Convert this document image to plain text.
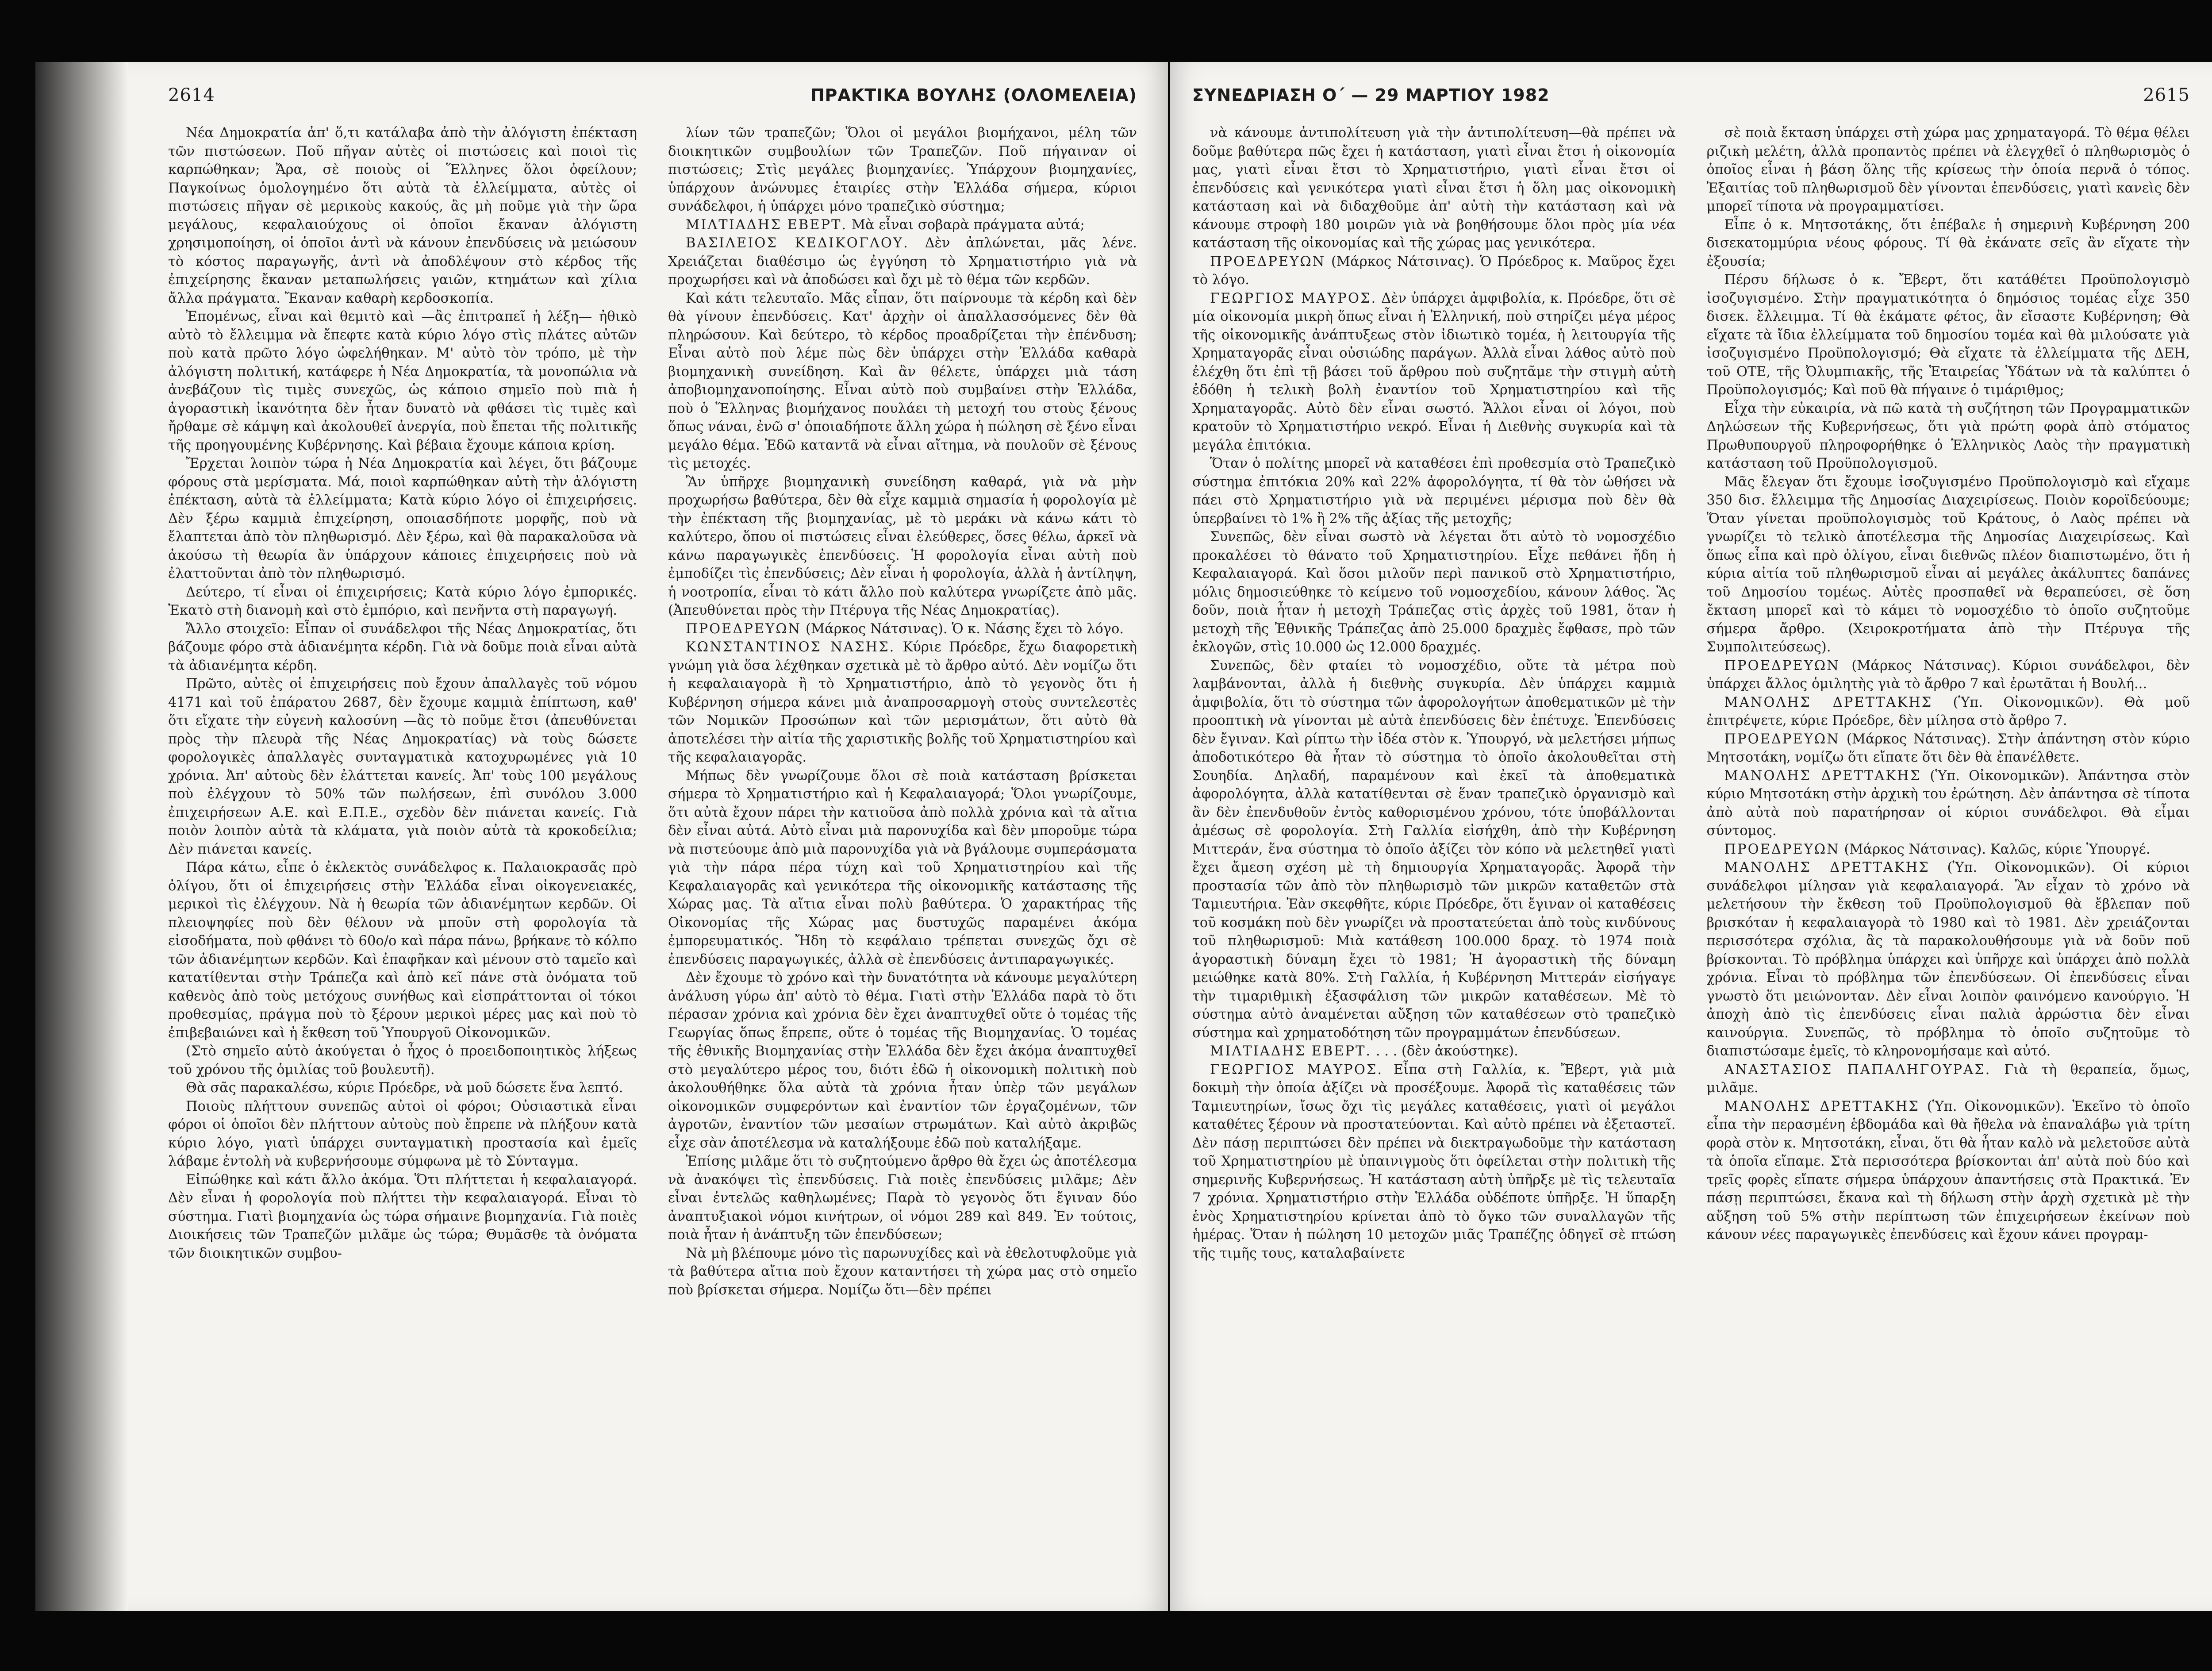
2614	ΠΡΑΚΤΙΚΑ ΒΟΥΛΗΣ (ΟΛΟΜΕΛΕΙΑ)

Νέα Δημοκρατία ἀπ' ὅ,τι κατάλαβα ἀπὸ τὴν ἀλόγιστη ἐπέκταση τῶν πιστώσεων. Ποῦ πῆγαν αὐτὲς οἱ πιστώσεις καὶ ποιοὶ τὶς καρπώθηκαν; Ἄρα, σὲ ποιοὺς οἱ Ἕλληνες ὅλοι ὀφείλουν; Παγκοίνως ὁμολογημένο ὅτι αὐτὰ τὰ ἐλλείμματα, αὐτὲς οἱ πιστώσεις πῆγαν σὲ μερικοὺς κακούς, ἂς μὴ ποῦμε γιὰ τὴν ὥρα μεγάλους, κεφαλαιούχους οἱ ὁποῖοι ἔκαναν ἀλόγιστη χρησιμοποίηση, οἱ ὁποῖοι ἀντὶ νὰ κάνουν ἐπενδύσεις νὰ μειώσουν τὸ κόστος παραγωγῆς, ἀντὶ νὰ ἀποδλέψουν στὸ κέρδος τῆς ἐπιχείρησης ἔκαναν μεταπωλήσεις γαιῶν, κτημάτων καὶ χίλια ἄλλα πράγματα. Ἔκαναν καθαρὴ κερδοσκοπία.

Ἐπομένως, εἶναι καὶ θεμιτὸ καὶ —ἂς ἐπιτραπεῖ ἡ λέξη— ἠθικὸ αὐτὸ τὸ ἔλλειμμα νὰ ἔπεφτε κατὰ κύριο λόγο στὶς πλάτες αὐτῶν ποὺ κατὰ πρῶτο λόγο ὠφελήθηκαν. Μ' αὐτὸ τὸν τρόπο, μὲ τὴν ἀλόγιστη πολιτική, κατάφερε ἡ Νέα Δημοκρατία, τὰ μονοπώλια νὰ ἀνεβάζουν τὶς τιμὲς συνεχῶς, ὡς κάποιο σημεῖο ποὺ πιὰ ἡ ἀγοραστικὴ ἱκανότητα δὲν ἦταν δυνατὸ νὰ φθάσει τὶς τιμὲς καὶ ἤρθαμε σὲ κάμψη καὶ ἀκολουθεῖ ἀνεργία, ποὺ ἔπεται τῆς πολιτικῆς τῆς προηγουμένης Κυβέρνησης. Καὶ βέβαια ἔχουμε κάποια κρίση.

Ἔρχεται λοιπὸν τώρα ἡ Νέα Δημοκρατία καὶ λέγει, ὅτι βάζουμε φόρους στὰ μερίσματα. Μά, ποιοὶ καρπώθηκαν αὐτὴ τὴν ἀλόγιστη ἐπέκταση, αὐτὰ τὰ ἐλλείμματα; Κατὰ κύριο λόγο οἱ ἐπιχειρήσεις. Δὲν ξέρω καμμιὰ ἐπιχείρηση, οποιασδήποτε μορφῆς, ποὺ νὰ ἔλαπτεται ἀπὸ τὸν πληθωρισμό. Δὲν ξέρω, καὶ θὰ παρακαλοῦσα νὰ ἀκούσω τὴ θεωρία ἂν ὑπάρχουν κάποιες ἐπιχειρήσεις ποὺ νὰ ἐλαττοῦνται ἀπὸ τὸν πληθωρισμό.

Δεύτερο, τί εἶναι οἱ ἐπιχειρήσεις; Κατὰ κύριο λόγο ἐμπορικές. Ἐκατὸ στὴ διανομὴ καὶ στὸ ἐμπόριο, καὶ πενῆντα στὴ παραγωγή.

Ἄλλο στοιχεῖο: Εἶπαν οἱ συνάδελφοι τῆς Νέας Δημοκρατίας, ὅτι βάζουμε φόρο στὰ ἀδιανέμητα κέρδη. Γιὰ νὰ δοῦμε ποιὰ εἶναι αὐτὰ τὰ ἀδιανέμητα κέρδη.

Πρῶτο, αὐτὲς οἱ ἐπιχειρήσεις ποὺ ἔχουν ἀπαλλαγὲς τοῦ νόμου 4171 καὶ τοῦ ἐπάρατου 2687, δὲν ἔχουμε καμμιὰ ἐπίπτωση, καθ' ὅτι εἴχατε τὴν εὐγενὴ καλοσύνη —ἂς τὸ ποῦμε ἔτσι (ἀπευθύνεται πρὸς τὴν πλευρὰ τῆς Νέας Δημοκρατίας) νὰ τοὺς δώσετε φορολογικὲς ἀπαλλαγὲς συνταγματικὰ κατοχυρωμένες γιὰ 10 χρόνια. Ἀπ' αὐτοὺς δὲν ἐλάττεται κανείς. Ἀπ' τοὺς 100 μεγάλους ποὺ ἐλέγχουν τὸ 50% τῶν πωλήσεων, ἐπὶ συνόλου 3.000 ἐπιχειρήσεων Α.Ε. καὶ Ε.Π.Ε., σχεδὸν δὲν πιάνεται κανείς. Γιὰ ποιὸν λοιπὸν αὐτὰ τὰ κλάματα, γιὰ ποιὸν αὐτὰ τὰ κροκοδείλια; Δὲν πιάνεται κανείς.

Πάρα κάτω, εἶπε ὁ ἐκλεκτὸς συνάδελφος κ. Παλαιοκρασᾶς πρὸ ὀλίγου, ὅτι οἱ ἐπιχειρήσεις στὴν Ἑλλάδα εἶναι οἰκογενειακές, μερικοὶ τὶς ἐλέγχουν. Νὰ ἡ θεωρία τῶν ἀδιανέμητων κερδῶν. Οἱ πλειοψηφίες ποὺ δὲν θέλουν νὰ μποῦν στὴ φορολογία τὰ εἰσοδήματα, ποὺ φθάνει τὸ 60ο/ο καὶ πάρα πάνω, βρήκανε τὸ κόλπο τῶν ἀδιανέμητων κερδῶν. Καὶ ἐπαφῆκαν καὶ μένουν στὸ ταμεῖο καὶ κατατίθενται στὴν Τράπεζα καὶ ἀπὸ κεῖ πάνε στὰ ὀνόματα τοῦ καθενὸς ἀπὸ τοὺς μετόχους συνήθως καὶ εἰσπράττονται οἱ τόκοι προθεσμίας, πράγμα ποὺ τὸ ξέρουν μερικοὶ μέρες μας καὶ ποὺ τὸ ἐπιβεβαιώνει καὶ ἡ ἔκθεση τοῦ Ὑπουργοῦ Οἰκονομικῶν.

(Στὸ σημεῖο αὐτὸ ἀκούγεται ὁ ἦχος ὁ προειδοποιητικὸς λήξεως τοῦ χρόνου τῆς ὁμιλίας τοῦ βουλευτῆ).

Θὰ σᾶς παρακαλέσω, κύριε Πρόεδρε, νὰ μοῦ δώσετε ἕνα λεπτό.

Ποιοὺς πλήττουν συνεπῶς αὐτοὶ οἱ φόροι; Οὐσιαστικὰ εἶναι φόροι οἱ ὁποῖοι δὲν πλήττουν αὐτοὺς ποὺ ἔπρεπε νὰ πλήξουν κατὰ κύριο λόγο, γιατὶ ὑπάρχει συνταγματικὴ προστασία καὶ ἐμεῖς λάβαμε ἐντολὴ νὰ κυβερνήσουμε σύμφωνα μὲ τὸ Σύνταγμα.

Εἰπώθηκε καὶ κάτι ἄλλο ἀκόμα. Ὅτι πλήττεται ἡ κεφαλαιαγορά. Δὲν εἶναι ἡ φορολογία ποὺ πλήττει τὴν κεφαλαιαγορά. Εἶναι τὸ σύστημα. Γιατὶ βιομηχανία ὡς τώρα σήμαινε βιομηχανία. Γιὰ ποιὲς Διοικήσεις τῶν Τραπεζῶν μιλᾶμε ὡς τώρα; Θυμᾶσθε τὰ ὀνόματα τῶν διοικητικῶν συμβου-

λίων τῶν τραπεζῶν; Ὅλοι οἱ μεγάλοι βιομήχανοι, μέλη τῶν διοικητικῶν συμβουλίων τῶν Τραπεζῶν. Ποῦ πήγαιναν οἱ πιστώσεις; Στὶς μεγάλες βιομηχανίες. Ὑπάρχουν βιομηχανίες, ὑπάρχουν ἀνώνυμες ἑταιρίες στὴν Ἑλλάδα σήμερα, κύριοι συνάδελφοι, ἡ ὑπάρχει μόνο τραπεζικὸ σύστημα;

ΜΙΛΤΙΑΔΗΣ ΕΒΕΡΤ. Μὰ εἶναι σοβαρὰ πράγματα αὐτά;

ΒΑΣΙΛΕΙΟΣ ΚΕΔΙΚΟΓΛΟΥ. Δὲν ἀπλώνεται, μᾶς λένε. Χρειάζεται διαθέσιμο ὡς ἐγγύηση τὸ Χρηματιστήριο γιὰ νὰ προχωρήσει καὶ νὰ ἀποδώσει καὶ ὄχι μὲ τὸ θέμα τῶν κερδῶν.

Καὶ κάτι τελευταῖο. Μᾶς εἶπαν, ὅτι παίρνουμε τὰ κέρδη καὶ δὲν θὰ γίνουν ἐπενδύσεις. Κατ' ἀρχὴν οἱ ἀπαλλασσόμενες δὲν θὰ πληρώσουν. Καὶ δεύτερο, τὸ κέρδος προαδρίζεται τὴν ἐπένδυση; Εἶναι αὐτὸ ποὺ λέμε πὼς δὲν ὑπάρχει στὴν Ἑλλάδα καθαρὰ βιομηχανικὴ συνείδηση. Καὶ ἂν θέλετε, ὑπάρχει μιὰ τάση ἀποβιομηχανοποίησης. Εἶναι αὐτὸ ποὺ συμβαίνει στὴν Ἑλλάδα, ποὺ ὁ Ἕλληνας βιομήχανος πουλάει τὴ μετοχή του στοὺς ξένους ὅπως νάναι, ἐνῶ σ' ὁποιαδήποτε ἄλλη χώρα ἡ πώληση σὲ ξένο εἶναι μεγάλο θέμα. Ἐδῶ καταντᾶ νὰ εἶναι αἴτημα, νὰ πουλοῦν σὲ ξένους τὶς μετοχές.

Ἂν ὑπῆρχε βιομηχανικὴ συνείδηση καθαρά, γιὰ νὰ μὴν προχωρήσω βαθύτερα, δὲν θὰ εἶχε καμμιὰ σημασία ἡ φορολογία μὲ τὴν ἐπέκταση τῆς βιομηχανίας, μὲ τὸ μεράκι νὰ κάνω κάτι τὸ καλύτερο, ὅπου οἱ πιστώσεις εἶναι ἐλεύθερες, ὅσες θέλω, ἀρκεῖ νὰ κάνω παραγωγικὲς ἐπενδύσεις. Ἡ φορολογία εἶναι αὐτὴ ποὺ ἐμποδίζει τὶς ἐπενδύσεις; Δὲν εἶναι ἡ φορολογία, ἀλλὰ ἡ ἀντίληψη, ἡ νοοτροπία, εἶναι τὸ κάτι ἄλλο ποὺ καλύτερα γνωρίζετε ἀπὸ μᾶς. (Ἀπευθύνεται πρὸς τὴν Πτέρυγα τῆς Νέας Δημοκρατίας).

ΠΡΟΕΔΡΕΥΩΝ (Μάρκος Νάτσινας). Ὁ κ. Νάσης ἔχει τὸ λόγο.

ΚΩΝΣΤΑΝΤΙΝΟΣ ΝΑΣΗΣ. Κύριε Πρόεδρε, ἔχω διαφορετικὴ γνώμη γιὰ ὅσα λέχθηκαν σχετικὰ μὲ τὸ ἄρθρο αὐτό. Δὲν νομίζω ὅτι ἡ κεφαλαιαγορὰ ἢ τὸ Χρηματιστήριο, ἀπὸ τὸ γεγονὸς ὅτι ἡ Κυβέρνηση σήμερα κάνει μιὰ ἀναπροσαρμογὴ στοὺς συντελεστὲς τῶν Νομικῶν Προσώπων καὶ τῶν μερισμάτων, ὅτι αὐτὸ θὰ ἀποτελέσει τὴν αἰτία τῆς χαριστικῆς βολῆς τοῦ Χρηματιστηρίου καὶ τῆς κεφαλαιαγορᾶς.

Μήπως δὲν γνωρίζουμε ὅλοι σὲ ποιὰ κατάσταση βρίσκεται σήμερα τὸ Χρηματιστήριο καὶ ἡ Κεφαλαιαγορά; Ὅλοι γνωρίζουμε, ὅτι αὐτὰ ἔχουν πάρει τὴν κατιοῦσα ἀπὸ πολλὰ χρόνια καὶ τὰ αἴτια δὲν εἶναι αὐτά. Αὐτὸ εἶναι μιὰ παρονυχίδα καὶ δὲν μποροῦμε τώρα νὰ πιστεύουμε ἀπὸ μιὰ παρονυχίδα γιὰ νὰ βγάλουμε συμπεράσματα γιὰ τὴν πάρα πέρα τύχη καὶ τοῦ Χρηματιστηρίου καὶ τῆς Κεφαλαιαγορᾶς καὶ γενικότερα τῆς οἰκονομικῆς κατάστασης τῆς Χώρας μας. Τὰ αἴτια εἶναι πολὺ βαθύτερα. Ὁ χαρακτήρας τῆς Οἰκονομίας τῆς Χώρας μας δυστυχῶς παραμένει ἀκόμα ἐμπορευματικός. Ἤδη τὸ κεφάλαιο τρέπεται συνεχῶς ὄχι σὲ ἐπενδύσεις παραγωγικές, ἀλλὰ σὲ ἐπενδύσεις ἀντιπαραγωγικές.

Δὲν ἔχουμε τὸ χρόνο καὶ τὴν δυνατότητα νὰ κάνουμε μεγαλύτερη ἀνάλυση γύρω ἀπ' αὐτὸ τὸ θέμα. Γιατὶ στὴν Ἑλλάδα παρὰ τὸ ὅτι πέρασαν χρόνια καὶ χρόνια δὲν ἔχει ἀναπτυχθεῖ οὔτε ὁ τομέας τῆς Γεωργίας ὅπως ἔπρεπε, οὔτε ὁ τομέας τῆς Βιομηχανίας. Ὁ τομέας τῆς ἐθνικῆς Βιομηχανίας στὴν Ἑλλάδα δὲν ἔχει ἀκόμα ἀναπτυχθεῖ στὸ μεγαλύτερο μέρος του, διότι ἐδῶ ἡ οἰκονομικὴ πολιτικὴ ποὺ ἀκολουθήθηκε ὅλα αὐτὰ τὰ χρόνια ἦταν ὑπὲρ τῶν μεγάλων οἰκονομικῶν συμφερόντων καὶ ἐναντίον τῶν ἐργαζομένων, τῶν ἀγροτῶν, ἐναντίον τῶν μεσαίων στρωμάτων. Καὶ αὐτὸ ἀκριβῶς εἶχε σὰν ἀποτέλεσμα νὰ καταλήξουμε ἐδῶ ποὺ καταλήξαμε.

Ἐπίσης μιλᾶμε ὅτι τὸ συζητούμενο ἄρθρο θὰ ἔχει ὡς ἀποτέλεσμα νὰ ἀνακόψει τὶς ἐπενδύσεις. Γιὰ ποιὲς ἐπενδύσεις μιλᾶμε; Δὲν εἶναι ἐντελῶς καθηλωμένες; Παρὰ τὸ γεγονὸς ὅτι ἔγιναν δύο ἀναπτυξιακοὶ νόμοι κινήτρων, οἱ νόμοι 289 καὶ 849. Ἐν τούτοις, ποιὰ ἦταν ἡ ἀνάπτυξη τῶν ἐπενδύσεων;

Νὰ μὴ βλέπουμε μόνο τὶς παρωνυχίδες καὶ νὰ ἐθελοτυφλοῦμε γιὰ τὰ βαθύτερα αἴτια ποὺ ἔχουν καταντήσει τὴ χώρα μας στὸ σημεῖο ποὺ βρίσκεται σήμερα. Νομίζω ὅτι—δὲν πρέπει

ΣΥΝΕΔΡΙΑΣΗ Ο΄ — 29 ΜΑΡΤΙΟΥ 1982	2615

νὰ κάνουμε ἀντιπολίτευση γιὰ τὴν ἀντιπολίτευση—θὰ πρέπει νὰ δοῦμε βαθύτερα πῶς ἔχει ἡ κατάσταση, γιατὶ εἶναι ἔτσι ἡ οἰκονομία μας, γιατὶ εἶναι ἔτσι τὸ Χρηματιστήριο, γιατὶ εἶναι ἔτσι οἱ ἐπενδύσεις καὶ γενικότερα γιατὶ εἶναι ἔτσι ἡ ὅλη μας οἰκονομικὴ κατάσταση καὶ νὰ διδαχθοῦμε ἀπ' αὐτὴ τὴν κατάσταση καὶ νὰ κάνουμε στροφὴ 180 μοιρῶν γιὰ νὰ βοηθήσουμε ὅλοι πρὸς μία νέα κατάσταση τῆς οἰκονομίας καὶ τῆς χώρας μας γενικότερα.

ΠΡΟΕΔΡΕΥΩΝ (Μάρκος Νάτσινας). Ὁ Πρόεδρος κ. Μαῦρος ἔχει τὸ λόγο.

ΓΕΩΡΓΙΟΣ ΜΑΥΡΟΣ. Δὲν ὑπάρχει ἀμφιβολία, κ. Πρόεδρε, ὅτι σὲ μία οἰκονομία μικρὴ ὅπως εἶναι ἡ Ἑλληνική, ποὺ στηρίζει μέγα μέρος τῆς οἰκονομικῆς ἀνάπτυξεως στὸν ἰδιωτικὸ τομέα, ἡ λειτουργία τῆς Χρηματαγορᾶς εἶναι οὐσιώδης παράγων. Ἀλλὰ εἶναι λάθος αὐτὸ ποὺ ἐλέχθη ὅτι ἐπὶ τῇ βάσει τοῦ ἄρθρου ποὺ συζητᾶμε τὴν στιγμὴ αὐτὴ ἐδόθη ἡ τελικὴ βολὴ ἐναντίον τοῦ Χρηματιστηρίου καὶ τῆς Χρηματαγορᾶς. Αὐτὸ δὲν εἶναι σωστό. Ἄλλοι εἶναι οἱ λόγοι, ποὺ κρατοῦν τὸ Χρηματιστήριο νεκρό. Εἶναι ἡ Διεθνὴς συγκυρία καὶ τὰ μεγάλα ἐπιτόκια.

Ὅταν ὁ πολίτης μπορεῖ νὰ καταθέσει ἐπὶ προθεσμία στὸ Τραπεζικὸ σύστημα ἐπιτόκια 20% καὶ 22% ἀφορολόγητα, τί θὰ τὸν ὠθήσει νὰ πάει στὸ Χρηματιστήριο γιὰ νὰ περιμένει μέρισμα ποὺ δὲν θὰ ὑπερβαίνει τὸ 1% ἢ 2% τῆς ἀξίας τῆς μετοχῆς;

Συνεπῶς, δὲν εἶναι σωστὸ νὰ λέγεται ὅτι αὐτὸ τὸ νομοσχέδιο προκαλέσει τὸ θάνατο τοῦ Χρηματιστηρίου. Εἶχε πεθάνει ἤδη ἡ Κεφαλαιαγορά. Καὶ ὅσοι μιλοῦν περὶ πανικοῦ στὸ Χρηματιστήριο, μόλις δημοσιεύθηκε τὸ κείμενο τοῦ νομοσχεδίου, κάνουν λάθος. Ἂς δοῦν, ποιὰ ἦταν ἡ μετοχὴ Τράπεζας στὶς ἀρχὲς τοῦ 1981, ὅταν ἡ μετοχὴ τῆς Ἐθνικῆς Τράπεζας ἀπὸ 25.000 δραχμὲς ἔφθασε, πρὸ τῶν ἐκλογῶν, στὶς 10.000 ὡς 12.000 δραχμές.

Συνεπῶς, δὲν φταίει τὸ νομοσχέδιο, οὔτε τὰ μέτρα ποὺ λαμβάνονται, ἀλλὰ ἡ διεθνὴς συγκυρία. Δὲν ὑπάρχει καμμιὰ ἀμφιβολία, ὅτι τὸ σύστημα τῶν ἀφορολογήτων ἀποθεματικῶν μὲ τὴν προοπτικὴ νὰ γίνονται μὲ αὐτὰ ἐπενδύσεις δὲν ἐπέτυχε. Ἐπενδύσεις δὲν ἔγιναν. Καὶ ρίπτω τὴν ἰδέα στὸν κ. Ὑπουργό, νὰ μελετήσει μήπως ἀποδοτικότερο θὰ ἦταν τὸ σύστημα τὸ ὁποῖο ἀκολουθεῖται στὴ Σουηδία. Δηλαδή, παραμένουν καὶ ἐκεῖ τὰ ἀποθεματικὰ ἀφορολόγητα, ἀλλὰ κατατίθενται σὲ ἕναν τραπεζικὸ ὀργανισμὸ καὶ ἂν δὲν ἐπενδυθοῦν ἐντὸς καθορισμένου χρόνου, τότε ὑποβάλλονται ἀμέσως σὲ φορολογία. Στὴ Γαλλία εἰσήχθη, ἀπὸ τὴν Κυβέρνηση Μιττεράν, ἕνα σύστημα τὸ ὁποῖο ἀξίζει τὸν κόπο νὰ μελετηθεῖ γιατὶ ἔχει ἄμεση σχέση μὲ τὴ δημιουργία Χρηματαγορᾶς. Ἀφορᾶ τὴν προστασία τῶν ἀπὸ τὸν πληθωρισμὸ τῶν μικρῶν καταθετῶν στὰ Ταμιευτήρια. Ἐὰν σκεφθῆτε, κύριε Πρόεδρε, ὅτι ἔγιναν οἱ καταθέσεις τοῦ κοσμάκη ποὺ δὲν γνωρίζει νὰ προστατεύεται ἀπὸ τοὺς κινδύνους τοῦ πληθωρισμοῦ: Μιὰ κατάθεση 100.000 δραχ. τὸ 1974 ποιὰ ἀγοραστικὴ δύναμη ἔχει τὸ 1981; Ἡ ἀγοραστικὴ τῆς δύναμη μειώθηκε κατὰ 80%. Στὴ Γαλλία, ἡ Κυβέρνηση Μιττεράν εἰσήγαγε τὴν τιμαριθμικὴ ἐξασφάλιση τῶν μικρῶν καταθέσεων. Μὲ τὸ σύστημα αὐτὸ ἀναμένεται αὔξηση τῶν καταθέσεων στὸ τραπεζικὸ σύστημα καὶ χρηματοδότηση τῶν προγραμμάτων ἐπενδύσεων.

ΜΙΛΤΙΑΔΗΣ ΕΒΕΡΤ. . . . (δὲν ἀκούστηκε).

ΓΕΩΡΓΙΟΣ ΜΑΥΡΟΣ. Εἶπα στὴ Γαλλία, κ. Ἔβερτ, γιὰ μιὰ δοκιμὴ τὴν ὁποία ἀξίζει νὰ προσέξουμε. Ἀφορᾶ τὶς καταθέσεις τῶν Ταμιευτηρίων, ἴσως ὄχι τὶς μεγάλες καταθέσεις, γιατὶ οἱ μεγάλοι καταθέτες ξέρουν νὰ προστατεύονται. Καὶ αὐτὸ πρέπει νὰ ἐξεταστεῖ. Δὲν πάσῃ περιπτώσει δὲν πρέπει νὰ διεκτραγωδοῦμε τὴν κατάσταση τοῦ Χρηματιστηρίου μὲ ὑπαινιγμοὺς ὅτι ὀφείλεται στὴν πολιτικὴ τῆς σημερινῆς Κυβερνήσεως. Ἡ κατάσταση αὐτὴ ὑπῆρξε μὲ τὶς τελευταῖα 7 χρόνια. Χρηματιστήριο στὴν Ἑλλάδα οὐδέποτε ὑπῆρξε. Ἡ ὕπαρξη ἑνὸς Χρηματιστηρίου κρίνεται ἀπὸ τὸ ὄγκο τῶν συναλλαγῶν τῆς ἡμέρας. Ὅταν ἡ πώληση 10 μετοχῶν μιᾶς Τραπέζης ὁδηγεῖ σὲ πτώση τῆς τιμῆς τους, καταλαβαίνετε

σὲ ποιὰ ἔκταση ὑπάρχει στὴ χώρα μας χρηματαγορά. Τὸ θέμα θέλει ριζικὴ μελέτη, ἀλλὰ προπαντὸς πρέπει νὰ ἐλεγχθεῖ ὁ πληθωρισμὸς ὁ ὁποῖος εἶναι ἡ βάση ὅλης τῆς κρίσεως τὴν ὁποία περνᾶ ὁ τόπος. Ἐξαιτίας τοῦ πληθωρισμοῦ δὲν γίνονται ἐπενδύσεις, γιατὶ κανεὶς δὲν μπορεῖ τίποτα νὰ προγραμματίσει.

Εἶπε ὁ κ. Μητσοτάκης, ὅτι ἐπέβαλε ἡ σημερινὴ Κυβέρνηση 200 δισεκατομμύρια νέους φόρους. Τί θὰ ἐκάνατε σεῖς ἂν εἴχατε τὴν ἐξουσία;

Πέρσυ δήλωσε ὁ κ. Ἔβερτ, ὅτι κατάθέτει Προϋπολογισμὸ ἰσοζυγισμένο. Στὴν πραγματικότητα ὁ δημόσιος τομέας εἶχε 350 δισεκ. ἔλλειμμα. Τί θὰ ἐκάματε φέτος, ἂν εἴσαστε Κυβέρνηση; Θὰ εἴχατε τὰ ἴδια ἐλλείμματα τοῦ δημοσίου τομέα καὶ θὰ μιλούσατε γιὰ ἰσοζυγισμένο Προϋπολογισμό; Θὰ εἴχατε τὰ ἐλλείμματα τῆς ΔΕΗ, τοῦ ΟΤΕ, τῆς Ὀλυμπιακῆς, τῆς Ἑταιρείας Ὑδάτων νὰ τὰ καλύπτει ὁ Προϋπολογισμός; Καὶ ποῦ θὰ πήγαινε ὁ τιμάριθμος;

Εἶχα τὴν εὐκαιρία, νὰ πῶ κατὰ τὴ συζήτηση τῶν Προγραμματικῶν Δηλώσεων τῆς Κυβερνήσεως, ὅτι γιὰ πρώτη φορὰ ἀπὸ στόματος Πρωθυπουργοῦ πληροφορήθηκε ὁ Ἑλληνικὸς Λαὸς τὴν πραγματικὴ κατάσταση τοῦ Προϋπολογισμοῦ.

Μᾶς ἔλεγαν ὅτι ἔχουμε ἰσοζυγισμένο Προϋπολογισμὸ καὶ εἴχαμε 350 δισ. ἔλλειμμα τῆς Δημοσίας Διαχειρίσεως. Ποιὸν κοροϊδεύουμε; Ὅταν γίνεται προϋπολογισμὸς τοῦ Κράτους, ὁ Λαὸς πρέπει νὰ γνωρίζει τὸ τελικὸ ἀποτέλεσμα τῆς Δημοσίας Διαχειρίσεως. Καὶ ὅπως εἶπα καὶ πρὸ ὀλίγου, εἶναι διεθνῶς πλέον διαπιστωμένο, ὅτι ἡ κύρια αἰτία τοῦ πληθωρισμοῦ εἶναι αἱ μεγάλες ἀκάλυπτες δαπάνες τοῦ Δημοσίου τομέως. Αὐτὲς προσπαθεῖ νὰ θεραπεύσει, σὲ ὅση ἔκταση μπορεῖ καὶ τὸ κάμει τὸ νομοσχέδιο τὸ ὁποῖο συζητοῦμε σήμερα ἄρθρο. (Χειροκροτήματα ἀπὸ τὴν Πτέρυγα τῆς Συμπολιτεύσεως).

ΠΡΟΕΔΡΕΥΩΝ (Μάρκος Νάτσινας). Κύριοι συνάδελφοι, δὲν ὑπάρχει ἄλλος ὁμιλητὴς γιὰ τὸ ἄρθρο 7 καὶ ἐρωτᾶται ἡ Βουλή...

ΜΑΝΟΛΗΣ ΔΡΕΤΤΑΚΗΣ (Ὑπ. Οἰκονομικῶν). Θὰ μοῦ ἐπιτρέψετε, κύριε Πρόεδρε, δὲν μίλησα στὸ ἄρθρο 7.

ΠΡΟΕΔΡΕΥΩΝ (Μάρκος Νάτσινας). Στὴν ἀπάντηση στὸν κύριο Μητσοτάκη, νομίζω ὅτι εἴπατε ὅτι δὲν θὰ ἐπανέλθετε.

ΜΑΝΟΛΗΣ ΔΡΕΤΤΑΚΗΣ (Ὑπ. Οἰκονομικῶν). Ἀπάντησα στὸν κύριο Μητσοτάκη στὴν ἀρχικὴ του ἐρώτηση. Δὲν ἀπάντησα σὲ τίποτα ἀπὸ αὐτὰ ποὺ παρατήρησαν οἱ κύριοι συνάδελφοι. Θὰ εἶμαι σύντομος.

ΠΡΟΕΔΡΕΥΩΝ (Μάρκος Νάτσινας). Καλῶς, κύριε Ὑπουργέ.

ΜΑΝΟΛΗΣ ΔΡΕΤΤΑΚΗΣ (Ὑπ. Οἰκονομικῶν). Οἱ κύριοι συνάδελφοι μίλησαν γιὰ κεφαλαιαγορά. Ἂν εἶχαν τὸ χρόνο νὰ μελετήσουν τὴν ἔκθεση τοῦ Προϋπολογισμοῦ θὰ ἔβλεπαν ποῦ βρισκόταν ἡ κεφαλαιαγορὰ τὸ 1980 καὶ τὸ 1981. Δὲν χρειάζονται περισσότερα σχόλια, ἂς τὰ παρακολουθήσουμε γιὰ νὰ δοῦν ποῦ βρίσκονται. Τὸ πρόβλημα ὑπάρχει καὶ ὑπῆρχε καὶ ὑπάρχει ἀπὸ πολλὰ χρόνια. Εἶναι τὸ πρόβλημα τῶν ἐπενδύσεων. Οἱ ἐπενδύσεις εἶναι γνωστὸ ὅτι μειώνονταν. Δὲν εἶναι λοιπὸν φαινόμενο κανούργιο. Ἡ ἀποχὴ ἀπὸ τὶς ἐπενδύσεις εἶναι παλιὰ ἀρρώστια δὲν εἶναι καινούργια. Συνεπῶς, τὸ πρόβλημα τὸ ὁποῖο συζητοῦμε τὸ διαπιστώσαμε ἐμεῖς, τὸ κληρονομήσαμε καὶ αὐτό.

ΑΝΑΣΤΑΣΙΟΣ ΠΑΠΑΛΗΓΟΥΡΑΣ. Γιὰ τὴ θεραπεία, ὅμως, μιλᾶμε.

ΜΑΝΟΛΗΣ ΔΡΕΤΤΑΚΗΣ (Ὑπ. Οἰκονομικῶν). Ἐκεῖνο τὸ ὁποῖο εἶπα τὴν περασμένη ἑβδομάδα καὶ θὰ ἤθελα νὰ ἐπαναλάβω γιὰ τρίτη φορὰ στὸν κ. Μητσοτάκη, εἶναι, ὅτι θὰ ἦταν καλὸ νὰ μελετοῦσε αὐτὰ τὰ ὁποῖα εἴπαμε. Στὰ περισσότερα βρίσκονται ἀπ' αὐτὰ ποὺ δύο καὶ τρεῖς φορὲς εἴπατε σήμερα ὑπάρχουν ἀπαντήσεις στὰ Πρακτικά. Ἐν πάσῃ περιπτώσει, ἔκανα καὶ τὴ δήλωση στὴν ἀρχὴ σχετικὰ μὲ τὴν αὔξηση τοῦ 5% στὴν περίπτωση τῶν ἐπιχειρήσεων ἐκείνων ποὺ κάνουν νέες παραγωγικὲς ἐπενδύσεις καὶ ἔχουν κάνει προγραμ-
